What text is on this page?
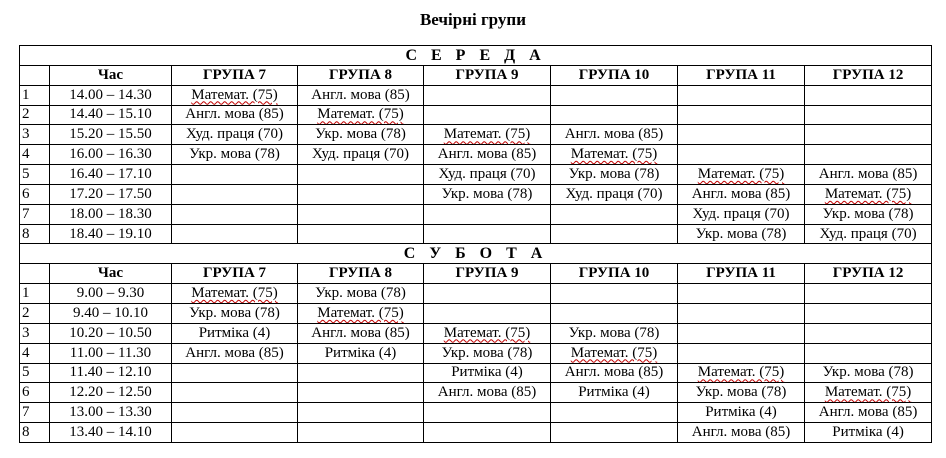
Вечірні групи
С Е Р Е Д А							
	Час	ГРУПА 7	ГРУПА 8	ГРУПА 9	ГРУПА 10	ГРУПА 11	ГРУПА 12
1	14.00 – 14.30	Математ. (75)	Англ. мова (85)				
2	14.40 – 15.10	Англ. мова (85)	Математ. (75)				
3	15.20 – 15.50	Худ. праця (70)	Укр. мова (78)	Математ. (75)	Англ. мова (85)		
4	16.00 – 16.30	Укр. мова (78)	Худ. праця (70)	Англ. мова (85)	Математ. (75)		
5	16.40 – 17.10			Худ. праця (70)	Укр. мова (78)	Математ. (75)	Англ. мова (85)
6	17.20 – 17.50			Укр. мова (78)	Худ. праця (70)	Англ. мова (85)	Математ. (75)
7	18.00 – 18.30					Худ. праця (70)	Укр. мова (78)
8	18.40 – 19.10					Укр. мова (78)	Худ. праця (70)
С У Б О Т А							
	Час	ГРУПА 7	ГРУПА 8	ГРУПА 9	ГРУПА 10	ГРУПА 11	ГРУПА 12
1	9.00 – 9.30	Математ. (75)	Укр. мова (78)				
2	9.40 – 10.10	Укр. мова (78)	Математ. (75)				
3	10.20 – 10.50	Ритміка (4)	Англ. мова (85)	Математ. (75)	Укр. мова (78)		
4	11.00 – 11.30	Англ. мова (85)	Ритміка (4)	Укр. мова (78)	Математ. (75)		
5	11.40 – 12.10			Ритміка (4)	Англ. мова (85)	Математ. (75)	Укр. мова (78)
6	12.20 – 12.50			Англ. мова (85)	Ритміка (4)	Укр. мова (78)	Математ. (75)
7	13.00 – 13.30					Ритміка (4)	Англ. мова (85)
8	13.40 – 14.10					Англ. мова (85)	Ритміка (4)
